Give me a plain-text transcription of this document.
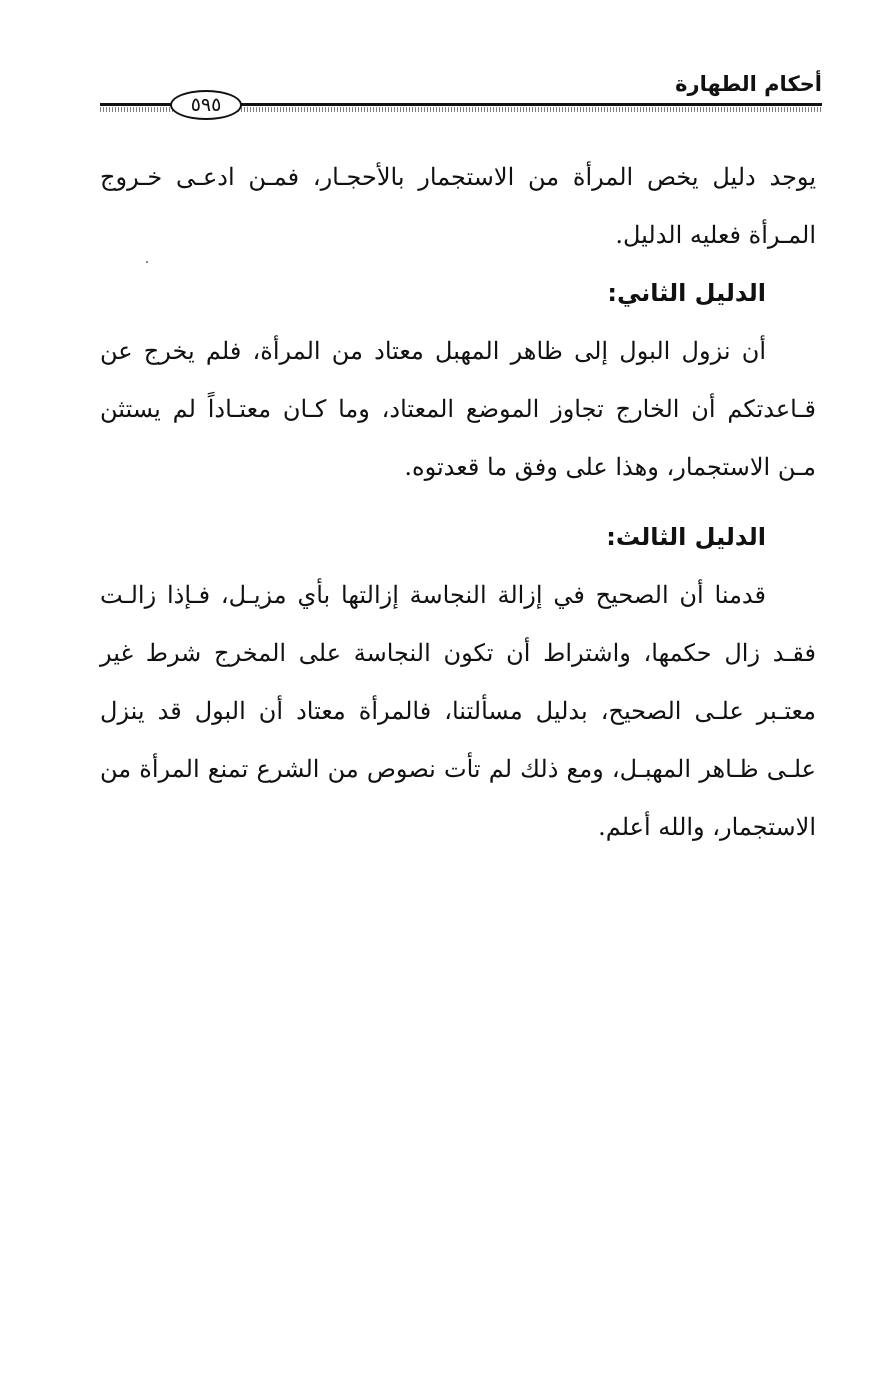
أحكام الطهارة
٥٩٥

يوجد دليل يخص المرأة من الاستجمار بالأحجـار، فمـن ادعـى خـروج المـرأة فعليه الدليل.

الدليل الثاني:

أن نزول البول إلى ظاهر المهبل معتاد من المرأة، فلم يخرج عن قـاعدتكم أن الخارج تجاوز الموضع المعتاد، وما كـان معتـاداً لم يستثن مـن الاستجمار، وهذا على وفق ما قعدتوه.

الدليل الثالث:

قدمنا أن الصحيح في إزالة النجاسة إزالتها بأي مزيـل، فـإذا زالـت فقـد زال حكمها، واشتراط أن تكون النجاسة على المخرج شرط غير معتـبر علـى الصحيح، بدليل مسألتنا، فالمرأة معتاد أن البول قد ينزل علـى ظـاهر المهبـل، ومع ذلك لم تأت نصوص من الشرع تمنع المرأة من الاستجمار، والله أعلم.
